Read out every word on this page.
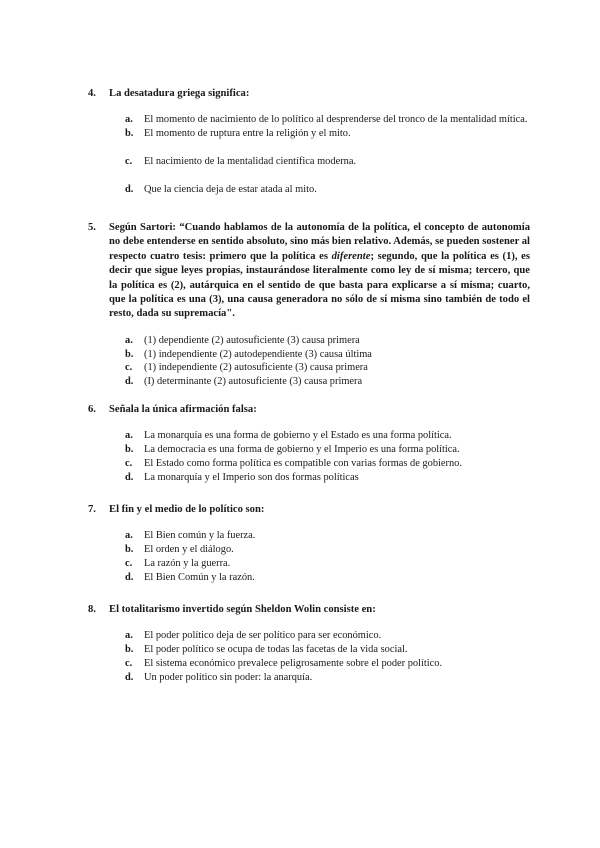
4.	La desatadura griega significa:
a.	El momento de nacimiento de lo político al desprenderse del tronco de la mentalidad mítica.
b.	El momento de ruptura entre la religión y el mito.
c.	El nacimiento de la mentalidad científica moderna.
d.	Que la ciencia deja de estar atada al mito.
5.	Según Sartori: “Cuando hablamos de la autonomía de la política, el concepto de autonomía no debe entenderse en sentido absoluto, sino más bien relativo. Además, se pueden sostener al respecto cuatro tesis: primero que la política es diferente; segundo, que la política es (1), es decir que sigue leyes propias, instaurándose literalmente como ley de sí misma; tercero, que la política es (2), autárquica en el sentido de que basta para explicarse a sí misma; cuarto, que la política es una (3), una causa generadora no sólo de sí misma sino también de todo el resto, dada su supremacía".
a.	(1) dependiente (2) autosuficiente (3) causa primera
b.	(1) independiente (2) autodependiente (3) causa última
c.	(1) independiente (2) autosuficiente (3) causa primera
d.	(I) determinante (2) autosuficiente (3) causa primera
6.	Señala la única afirmación falsa:
a.	La monarquía es una forma de gobierno y el Estado es una forma política.
b.	La democracia es una forma de gobierno y el Imperio es una forma política.
c.	El Estado como forma política es compatible con varias formas de gobierno.
d.	La monarquía y el Imperio son dos formas políticas
7.	El fin y el medio de lo político son:
a.	El Bien común y la fuerza.
b.	El orden y el diálogo.
c.	La razón y la guerra.
d.	El Bien Común y la razón.
8.	El totalitarismo invertido según Sheldon Wolin consiste en:
a.	El poder político deja de ser político para ser económico.
b.	El poder político se ocupa de todas las facetas de la vida social.
c.	El sistema económico prevalece peligrosamente sobre el poder político.
d.	Un poder político sin poder: la anarquía.
